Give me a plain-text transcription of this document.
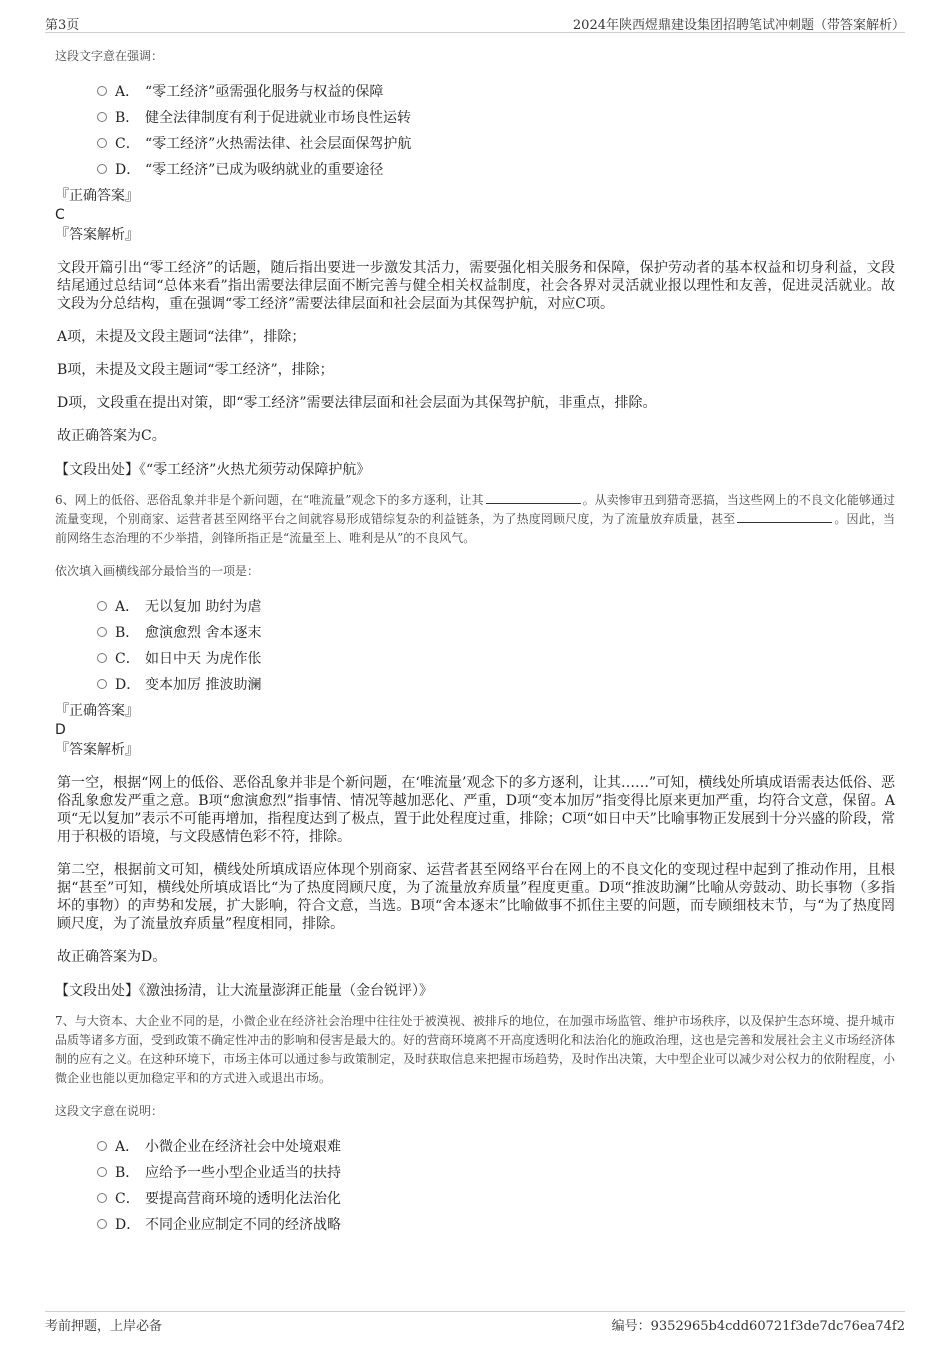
第3页	2024年陕西煜鼎建设集团招聘笔试冲刺题（带答案解析）

这段文字意在强调：

A． “零工经济”亟需强化服务与权益的保障
B． 健全法律制度有利于促进就业市场良性运转
C． “零工经济”火热需法律、社会层面保驾护航
D． “零工经济”已成为吸纳就业的重要途径

『正确答案』

C

『答案解析』

文段开篇引出“零工经济”的话题，随后指出要进一步激发其活力，需要强化相关服务和保障，保护劳动者的基本权益和切身利益，文段结尾通过总结词“总体来看”指出需要法律层面不断完善与健全相关权益制度，社会各界对灵活就业报以理性和友善，促进灵活就业。故文段为分总结构，重在强调“零工经济”需要法律层面和社会层面为其保驾护航，对应C项。

A项，未提及文段主题词“法律”，排除；

B项，未提及文段主题词“零工经济”，排除；

D项，文段重在提出对策，即“零工经济”需要法律层面和社会层面为其保驾护航，非重点，排除。

故正确答案为C。

【文段出处】《“零工经济”火热尤须劳动保障护航》

6、网上的低俗、恶俗乱象并非是个新问题，在“唯流量”观念下的多方逐利，让其	。从卖惨审丑到猎奇恶搞，当这些网上的不良文化能够通过流量变现，个别商家、运营者甚至网络平台之间就容易形成错综复杂的利益链条，为了热度罔顾尺度，为了流量放弃质量，甚至	。因此，当前网络生态治理的不少举措，剑锋所指正是“流量至上、唯利是从”的不良风气。

依次填入画横线部分最恰当的一项是：

A． 无以复加 助纣为虐
B． 愈演愈烈 舍本逐末
C． 如日中天 为虎作伥
D． 变本加厉 推波助澜

『正确答案』

D

『答案解析』

第一空，根据“网上的低俗、恶俗乱象并非是个新问题，在‘唯流量’观念下的多方逐利，让其……”可知，横线处所填成语需表达低俗、恶俗乱象愈发严重之意。B项“愈演愈烈”指事情、情况等越加恶化、严重，D项“变本加厉”指变得比原来更加严重，均符合文意，保留。A项“无以复加”表示不可能再增加，指程度达到了极点，置于此处程度过重，排除；C项“如日中天”比喻事物正发展到十分兴盛的阶段，常用于积极的语境，与文段感情色彩不符，排除。

第二空，根据前文可知，横线处所填成语应体现个别商家、运营者甚至网络平台在网上的不良文化的变现过程中起到了推动作用，且根据“甚至”可知，横线处所填成语比“为了热度罔顾尺度，为了流量放弃质量”程度更重。D项“推波助澜”比喻从旁鼓动、助长事物（多指坏的事物）的声势和发展，扩大影响，符合文意，当选。B项“舍本逐末”比喻做事不抓住主要的问题，而专顾细枝末节，与“为了热度罔顾尺度，为了流量放弃质量”程度相同，排除。

故正确答案为D。

【文段出处】《激浊扬清，让大流量澎湃正能量（金台锐评）》

7、与大资本、大企业不同的是，小微企业在经济社会治理中往往处于被漠视、被排斥的地位，在加强市场监管、维护市场秩序，以及保护生态环境、提升城市品质等诸多方面，受到政策不确定性冲击的影响和侵害是最大的。好的营商环境离不开高度透明化和法治化的施政治理，这也是完善和发展社会主义市场经济体制的应有之义。在这种环境下，市场主体可以通过参与政策制定，及时获取信息来把握市场趋势，及时作出决策，大中型企业可以减少对公权力的依附程度，小微企业也能以更加稳定平和的方式进入或退出市场。

这段文字意在说明：

A． 小微企业在经济社会中处境艰难
B． 应给予一些小型企业适当的扶持
C． 要提高营商环境的透明化法治化
D． 不同企业应制定不同的经济战略
考前押题，上岸必备	编号：9352965b4cdd60721f3de7dc76ea74f2
